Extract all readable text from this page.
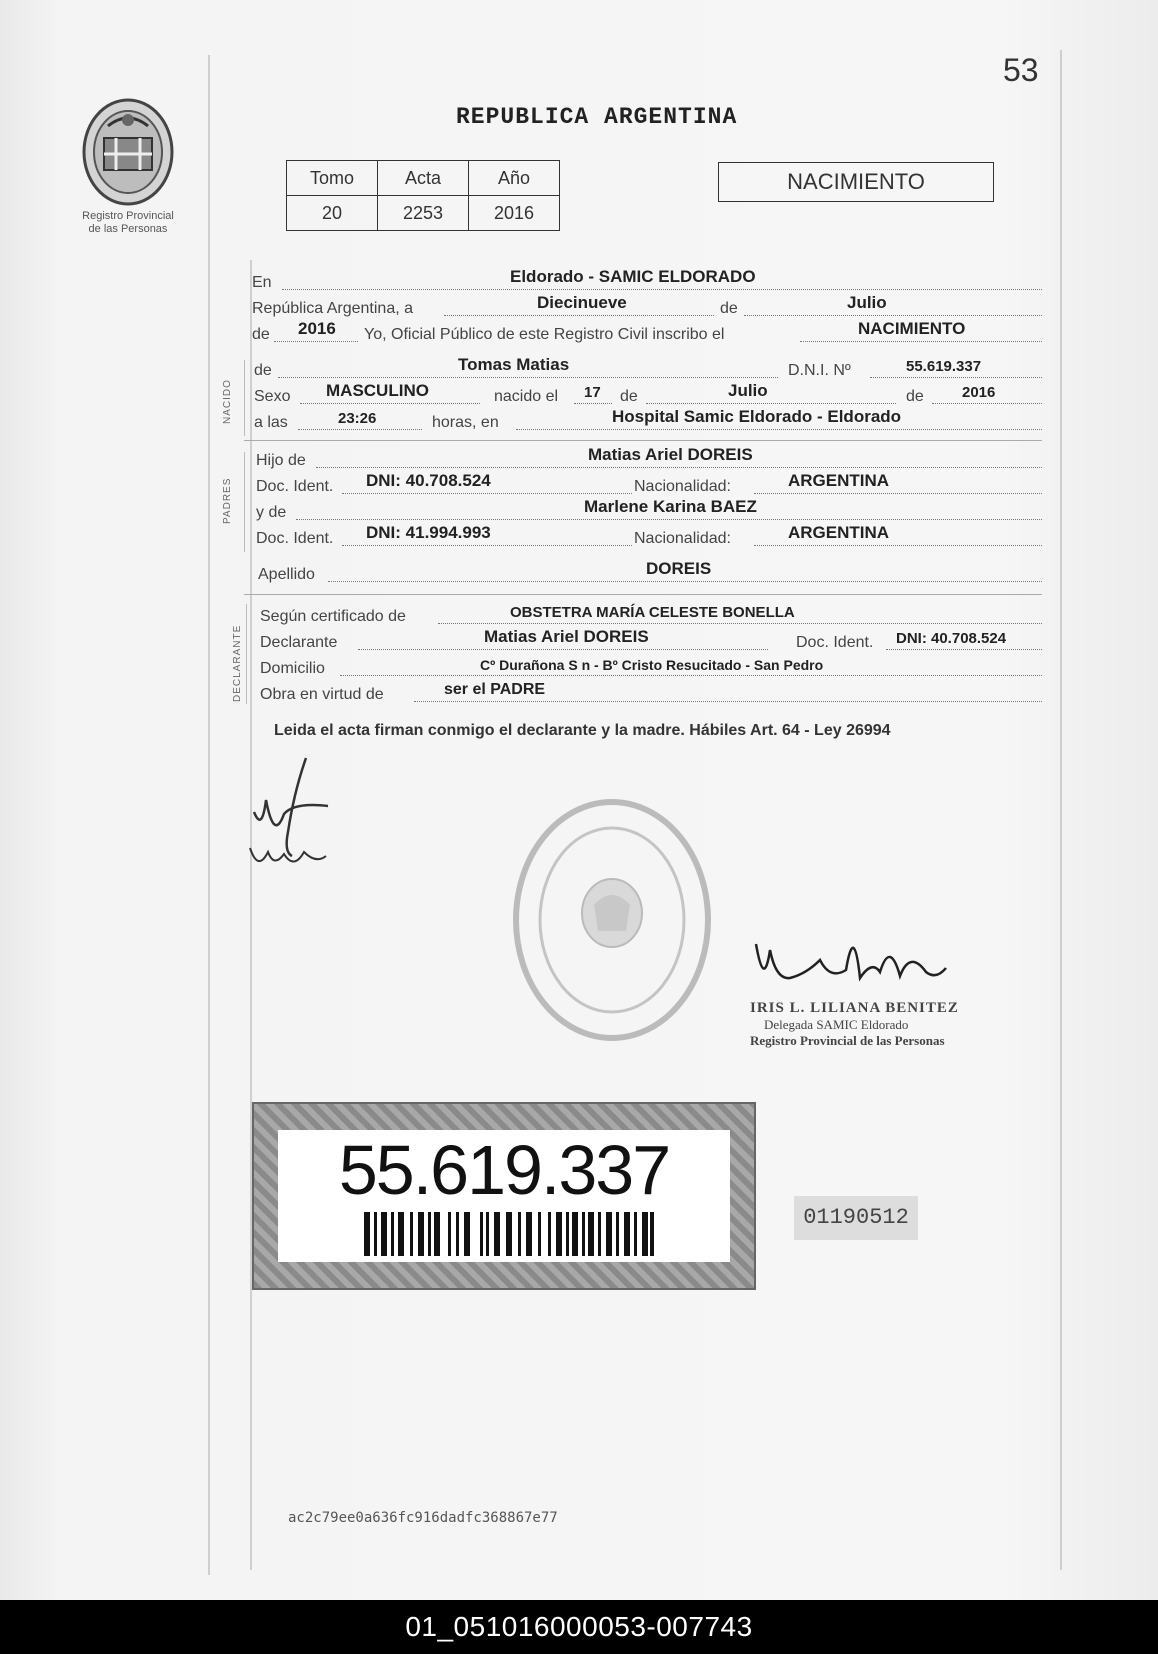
53
REPUBLICA ARGENTINA
Registro Provincial
de las Personas
Tomo	Acta	Año
20	2253	2016
NACIMIENTO
En	Eldorado - SAMIC ELDORADO
República Argentina, a	Diecinueve	de	Julio
de 2016 Yo, Oficial Público de este Registro Civil inscribo el	NACIMIENTO
NACIDO
de	Tomas Matias	D.N.I. Nº	55.619.337
Sexo MASCULINO	nacido el 17 de	Julio	de	2016
a las	23:26	horas, en	Hospital Samic Eldorado - Eldorado
PADRES
Hijo de	Matias Ariel DOREIS
Doc. Ident. DNI: 40.708.524	Nacionalidad:	ARGENTINA
y de	Marlene Karina BAEZ
Doc. Ident. DNI: 41.994.993	Nacionalidad:	ARGENTINA
Apellido	DOREIS
DECLARANTE
Según certificado de	OBSTETRA MARÍA CELESTE BONELLA
Declarante	Matias Ariel DOREIS	Doc. Ident. DNI: 40.708.524
Domicilio	Cº Durañona S n - Bº Cristo Resucitado - San Pedro
Obra en virtud de	ser el PADRE
Leida el acta firman conmigo el declarante y la madre. Hábiles Art. 64 - Ley 26994
IRIS L. LILIANA BENITEZ
Delegada SAMIC Eldorado
Registro Provincial de las Personas
55.619.337
01190512
ac2c79ee0a636fc916dadfc368867e77
01_051016000053-007743
